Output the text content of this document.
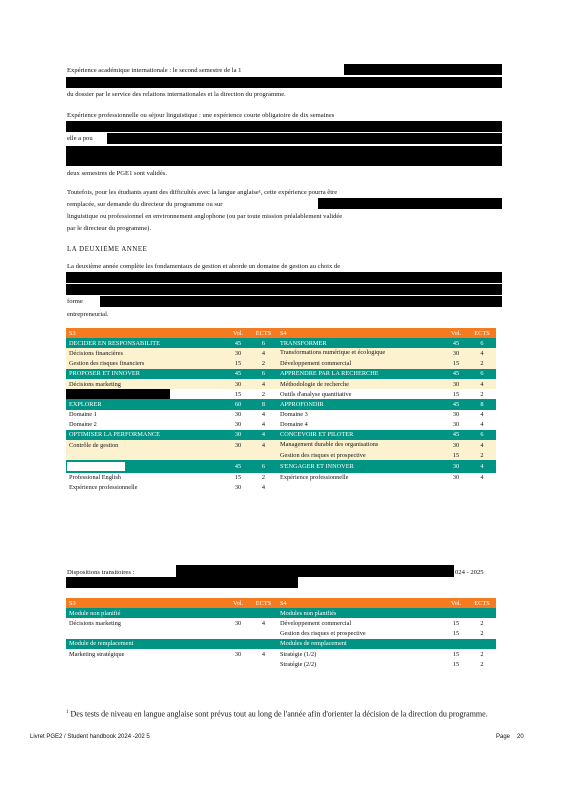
Expérience académique internationale : le second semestre de la 1
du dossier par le service des relations internationales et la direction du programme.
Expérience professionnelle ou séjour linguistique : une expérience courte obligatoire de dix semaines
elle a pou
deux semestres de PGE1 sont validés.
Toutefois, pour les étudiants ayant des difficultés avec la langue anglaise¹, cette expérience pourra être
remplacée, sur demande du directeur du programme ou sur
linguistique ou professionnel en environnement anglophone (ou par toute mission préalablement validée
par le directeur du programme).
LA DEUXIEME ANNEE
La deuxième année complète les fondamentaux de gestion et aborde un domaine de gestion au choix de
forme
entrepreneurial.
S3	Vol.	ECTS	S4	Vol.	ECTS
DECIDER EN RESPONSABILITE	45	6	TRANSFORMER	45	6
Décisions financières	30	4	Transformations numérique et écologique	30	4
Gestion des risques financiers	15	2	Développement commercial	15	2
PROPOSER ET INNOVER	45	6	APPRENDRE PAR LA RECHERCHE	45	6
Décisions marketing	30	4	Méthodologie de recherche	30	4

	15	2	Outils d'analyse quantitative	15	2
EXPLORER	60	8	APPROFONDIR	45	8
Domaine 1	30	4	Domaine 3	30	4
Domaine 2	30	4	Domaine 4	30	4
OPTIMISER LA PERFORMANCE	30	4	CONCEVOIR ET PILOTER	45	6
Contrôle de gestion	30	4	Management durable des organisations	30	4
			Gestion des risques et prospective	15	2

	45	6	S'ENGAGER ET INNOVER	30	4
Professional English	15	2	Expérience professionnelle	30	4
Expérience professionnelle	30	4			
Dispositions transitoires :	024 - 2025
S3	Vol.	ECTS	S4	Vol.	ECTS
Module non planifié			Modules non planifiés		
Décisions marketing	30	4	Développement commercial	15	2
			Gestion des risques et prospective	15	2
Module de remplacement			Modules de remplacement		
Marketing stratégique	30	4	Stratégie (1/2)	15	2
			Stratégie (2/2)	15	2
$^1$ Des tests de niveau en langue anglaise sont prévus tout au long de l'année afin d'orienter la décision de la direction du programme.
Livret PGE2 / Student handbook 2024 -202 5	Page 20
